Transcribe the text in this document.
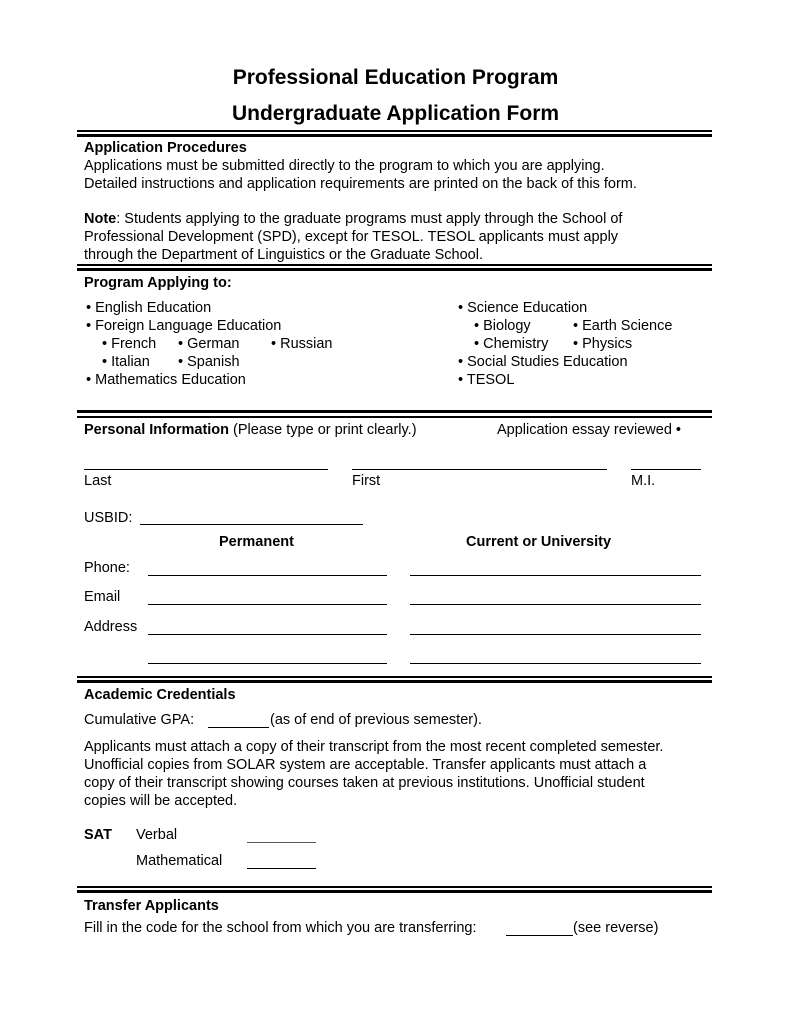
Professional Education Program
Undergraduate Application Form
Application Procedures
Applications must be submitted directly to the program to which you are applying.
Detailed instructions and application requirements are printed on the back of this form.
Note: Students applying to the graduate programs must apply through the School of
Professional Development (SPD), except for TESOL. TESOL applicants must apply
through the Department of Linguistics or the Graduate School.
Program Applying to:
• English Education
• Foreign Language Education
• French	• German	• Russian
• Italian	• Spanish
• Mathematics Education
• Science Education
• Biology	• Earth Science
• Chemistry	• Physics
• Social Studies Education
• TESOL
Personal Information (Please type or print clearly.)	Application essay reviewed •
Last	First	M.I.
USBID:
Permanent	Current or University
Phone:
Email
Address
Academic Credentials
Cumulative GPA:	(as of end of previous semester).
Applicants must attach a copy of their transcript from the most recent completed semester.
Unofficial copies from SOLAR system are acceptable. Transfer applicants must attach a
copy of their transcript showing courses taken at previous institutions. Unofficial student
copies will be accepted.
SAT Verbal
Mathematical
Transfer Applicants
Fill in the code for the school from which you are transferring:	(see reverse)
